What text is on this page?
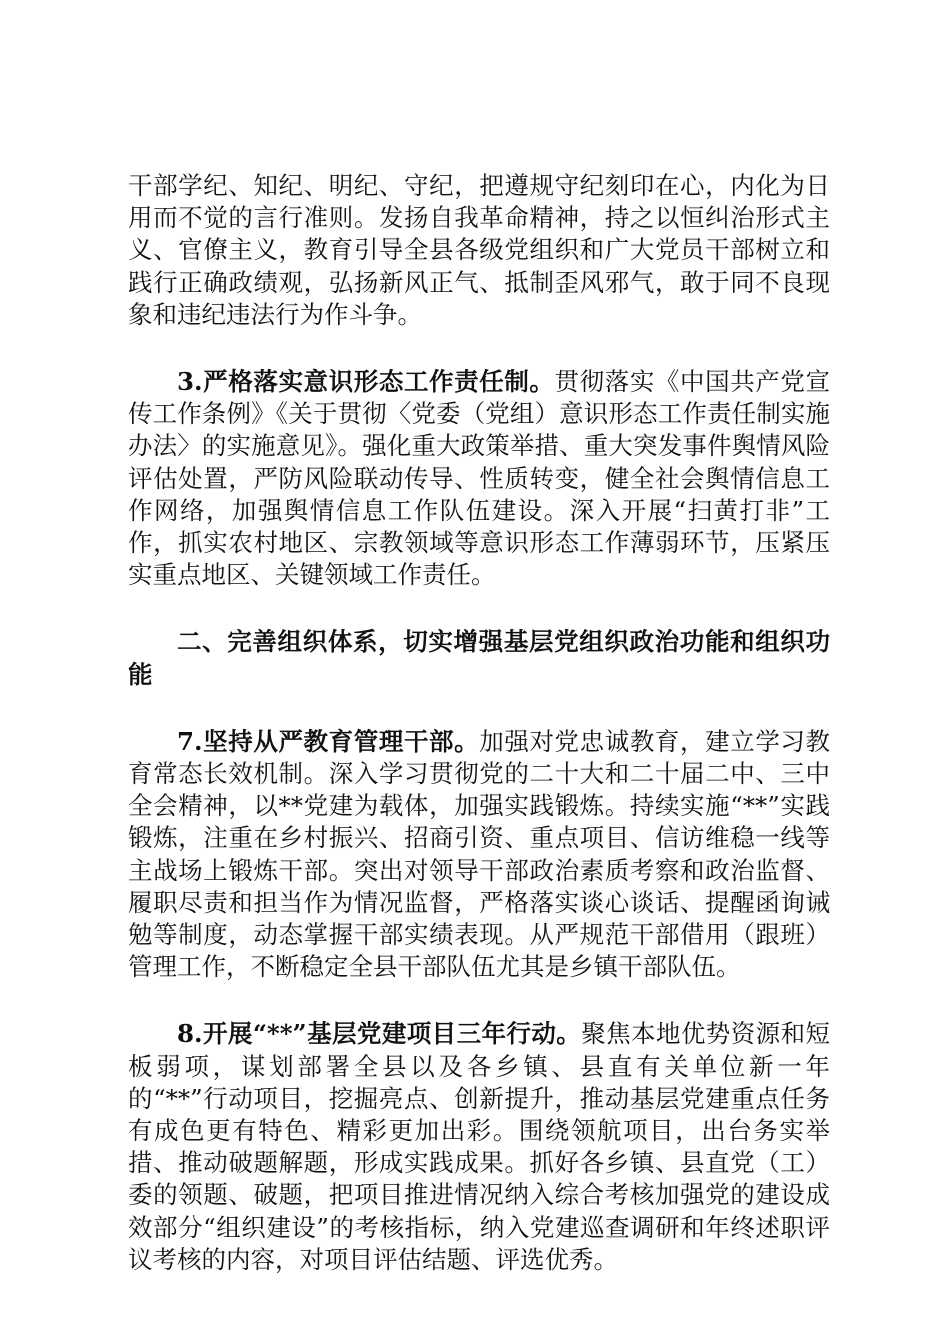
干部学纪、知纪、明纪、守纪，把遵规守纪刻印在心，内化为日用而不觉的言行准则。发扬自我革命精神，持之以恒纠治形式主义、官僚主义，教育引导全县各级党组织和广大党员干部树立和践行正确政绩观，弘扬新风正气、抵制歪风邪气，敢于同不良现象和违纪违法行为作斗争。

3.严格落实意识形态工作责任制。贯彻落实《中国共产党宣传工作条例》《关于贯彻〈党委（党组）意识形态工作责任制实施办法〉的实施意见》。强化重大政策举措、重大突发事件舆情风险评估处置，严防风险联动传导、性质转变，健全社会舆情信息工作网络，加强舆情信息工作队伍建设。深入开展“扫黄打非”工作，抓实农村地区、宗教领域等意识形态工作薄弱环节，压紧压实重点地区、关键领域工作责任。

二、完善组织体系，切实增强基层党组织政治功能和组织功能

7.坚持从严教育管理干部。加强对党忠诚教育，建立学习教育常态长效机制。深入学习贯彻党的二十大和二十届二中、三中全会精神，以**党建为载体，加强实践锻炼。持续实施“**”实践锻炼，注重在乡村振兴、招商引资、重点项目、信访维稳一线等主战场上锻炼干部。突出对领导干部政治素质考察和政治监督、履职尽责和担当作为情况监督，严格落实谈心谈话、提醒函询诫勉等制度，动态掌握干部实绩表现。从严规范干部借用（跟班）管理工作，不断稳定全县干部队伍尤其是乡镇干部队伍。

8.开展“**”基层党建项目三年行动。聚焦本地优势资源和短板弱项，谋划部署全县以及各乡镇、县直有关单位新一年的“**”行动项目，挖掘亮点、创新提升，推动基层党建重点任务有成色更有特色、精彩更加出彩。围绕领航项目，出台务实举措、推动破题解题，形成实践成果。抓好各乡镇、县直党（工）委的领题、破题，把项目推进情况纳入综合考核加强党的建设成效部分“组织建设”的考核指标，纳入党建巡查调研和年终述职评议考核的内容，对项目评估结题、评选优秀。
